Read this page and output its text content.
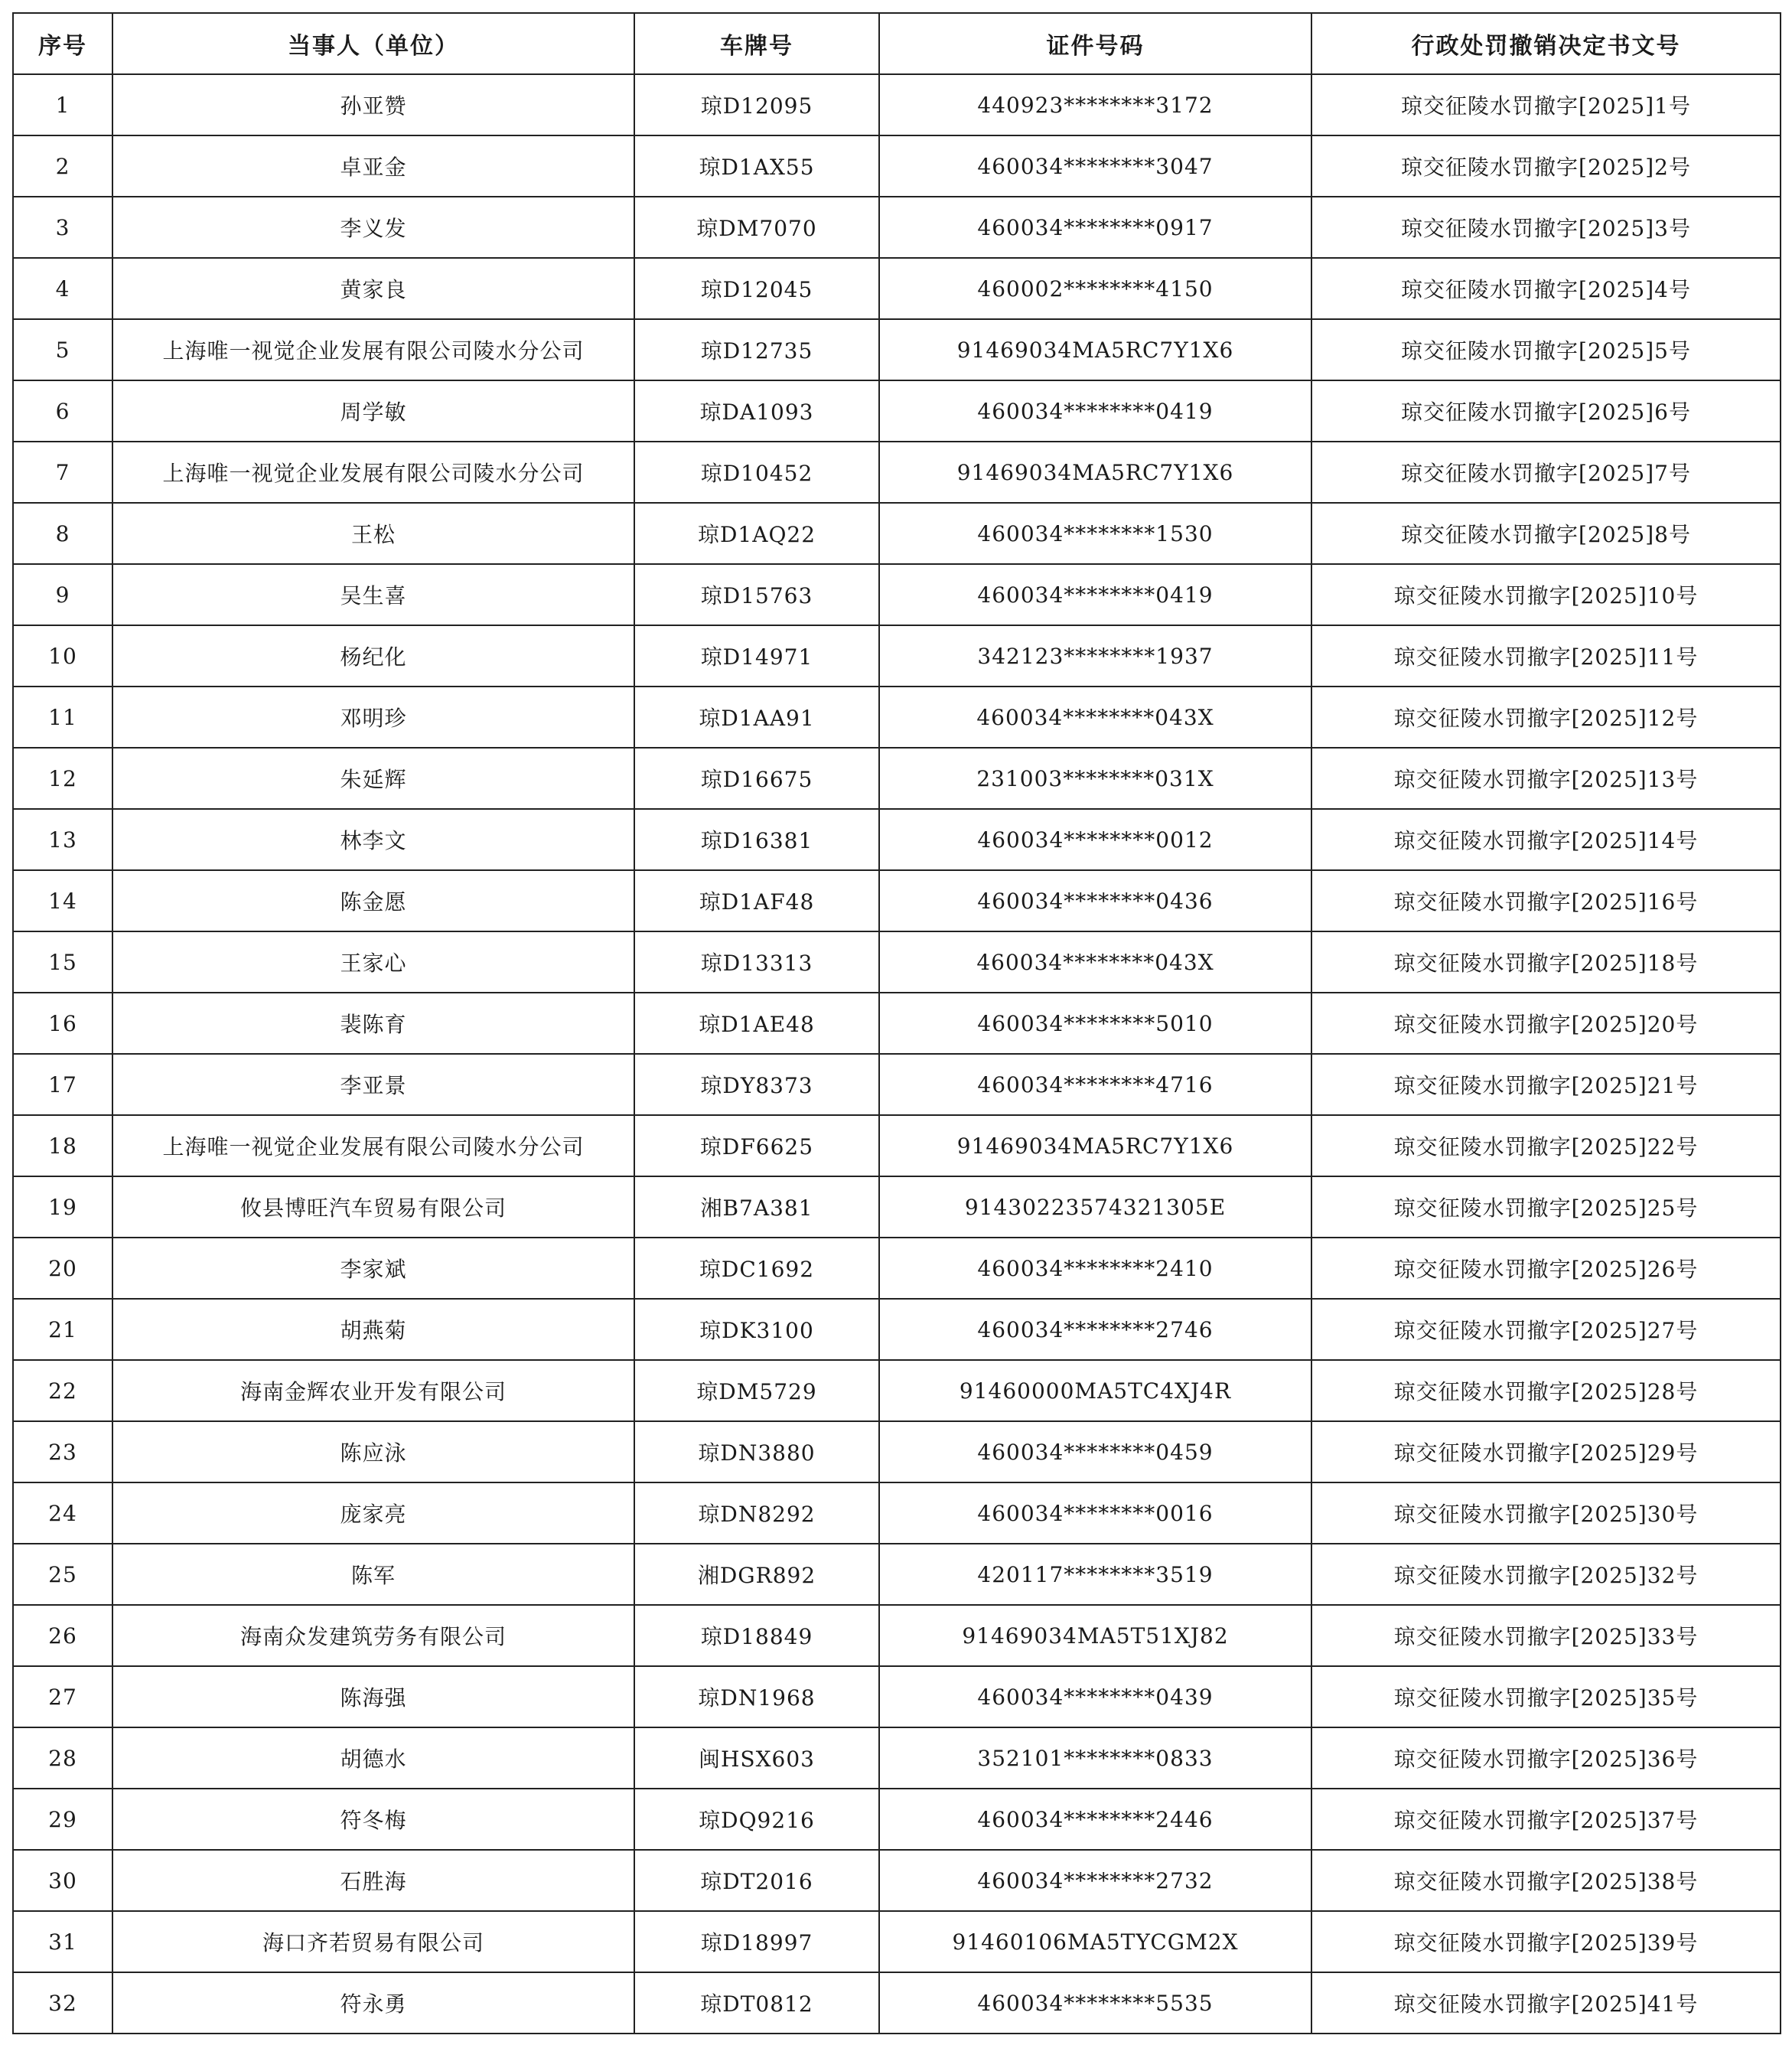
序号	当事人（单位）	车牌号	证件号码	行政处罚撤销决定书文号
1	孙亚赞	琼D12095	440923********3172	琼交征陵水罚撤字[2025]1号
2	卓亚金	琼D1AX55	460034********3047	琼交征陵水罚撤字[2025]2号
3	李义发	琼DM7070	460034********0917	琼交征陵水罚撤字[2025]3号
4	黄家良	琼D12045	460002********4150	琼交征陵水罚撤字[2025]4号
5	上海唯一视觉企业发展有限公司陵水分公司	琼D12735	91469034MA5RC7Y1X6	琼交征陵水罚撤字[2025]5号
6	周学敏	琼DA1093	460034********0419	琼交征陵水罚撤字[2025]6号
7	上海唯一视觉企业发展有限公司陵水分公司	琼D10452	91469034MA5RC7Y1X6	琼交征陵水罚撤字[2025]7号
8	王松	琼D1AQ22	460034********1530	琼交征陵水罚撤字[2025]8号
9	吴生喜	琼D15763	460034********0419	琼交征陵水罚撤字[2025]10号
10	杨纪化	琼D14971	342123********1937	琼交征陵水罚撤字[2025]11号
11	邓明珍	琼D1AA91	460034********043X	琼交征陵水罚撤字[2025]12号
12	朱延辉	琼D16675	231003********031X	琼交征陵水罚撤字[2025]13号
13	林李文	琼D16381	460034********0012	琼交征陵水罚撤字[2025]14号
14	陈金愿	琼D1AF48	460034********0436	琼交征陵水罚撤字[2025]16号
15	王家心	琼D13313	460034********043X	琼交征陵水罚撤字[2025]18号
16	裴陈育	琼D1AE48	460034********5010	琼交征陵水罚撤字[2025]20号
17	李亚景	琼DY8373	460034********4716	琼交征陵水罚撤字[2025]21号
18	上海唯一视觉企业发展有限公司陵水分公司	琼DF6625	91469034MA5RC7Y1X6	琼交征陵水罚撤字[2025]22号
19	攸县博旺汽车贸易有限公司	湘B7A381	91430223574321305E	琼交征陵水罚撤字[2025]25号
20	李家斌	琼DC1692	460034********2410	琼交征陵水罚撤字[2025]26号
21	胡燕菊	琼DK3100	460034********2746	琼交征陵水罚撤字[2025]27号
22	海南金辉农业开发有限公司	琼DM5729	91460000MA5TC4XJ4R	琼交征陵水罚撤字[2025]28号
23	陈应泳	琼DN3880	460034********0459	琼交征陵水罚撤字[2025]29号
24	庞家亮	琼DN8292	460034********0016	琼交征陵水罚撤字[2025]30号
25	陈军	湘DGR892	420117********3519	琼交征陵水罚撤字[2025]32号
26	海南众发建筑劳务有限公司	琼D18849	91469034MA5T51XJ82	琼交征陵水罚撤字[2025]33号
27	陈海强	琼DN1968	460034********0439	琼交征陵水罚撤字[2025]35号
28	胡德水	闽HSX603	352101********0833	琼交征陵水罚撤字[2025]36号
29	符冬梅	琼DQ9216	460034********2446	琼交征陵水罚撤字[2025]37号
30	石胜海	琼DT2016	460034********2732	琼交征陵水罚撤字[2025]38号
31	海口齐若贸易有限公司	琼D18997	91460106MA5TYCGM2X	琼交征陵水罚撤字[2025]39号
32	符永勇	琼DT0812	460034********5535	琼交征陵水罚撤字[2025]41号
